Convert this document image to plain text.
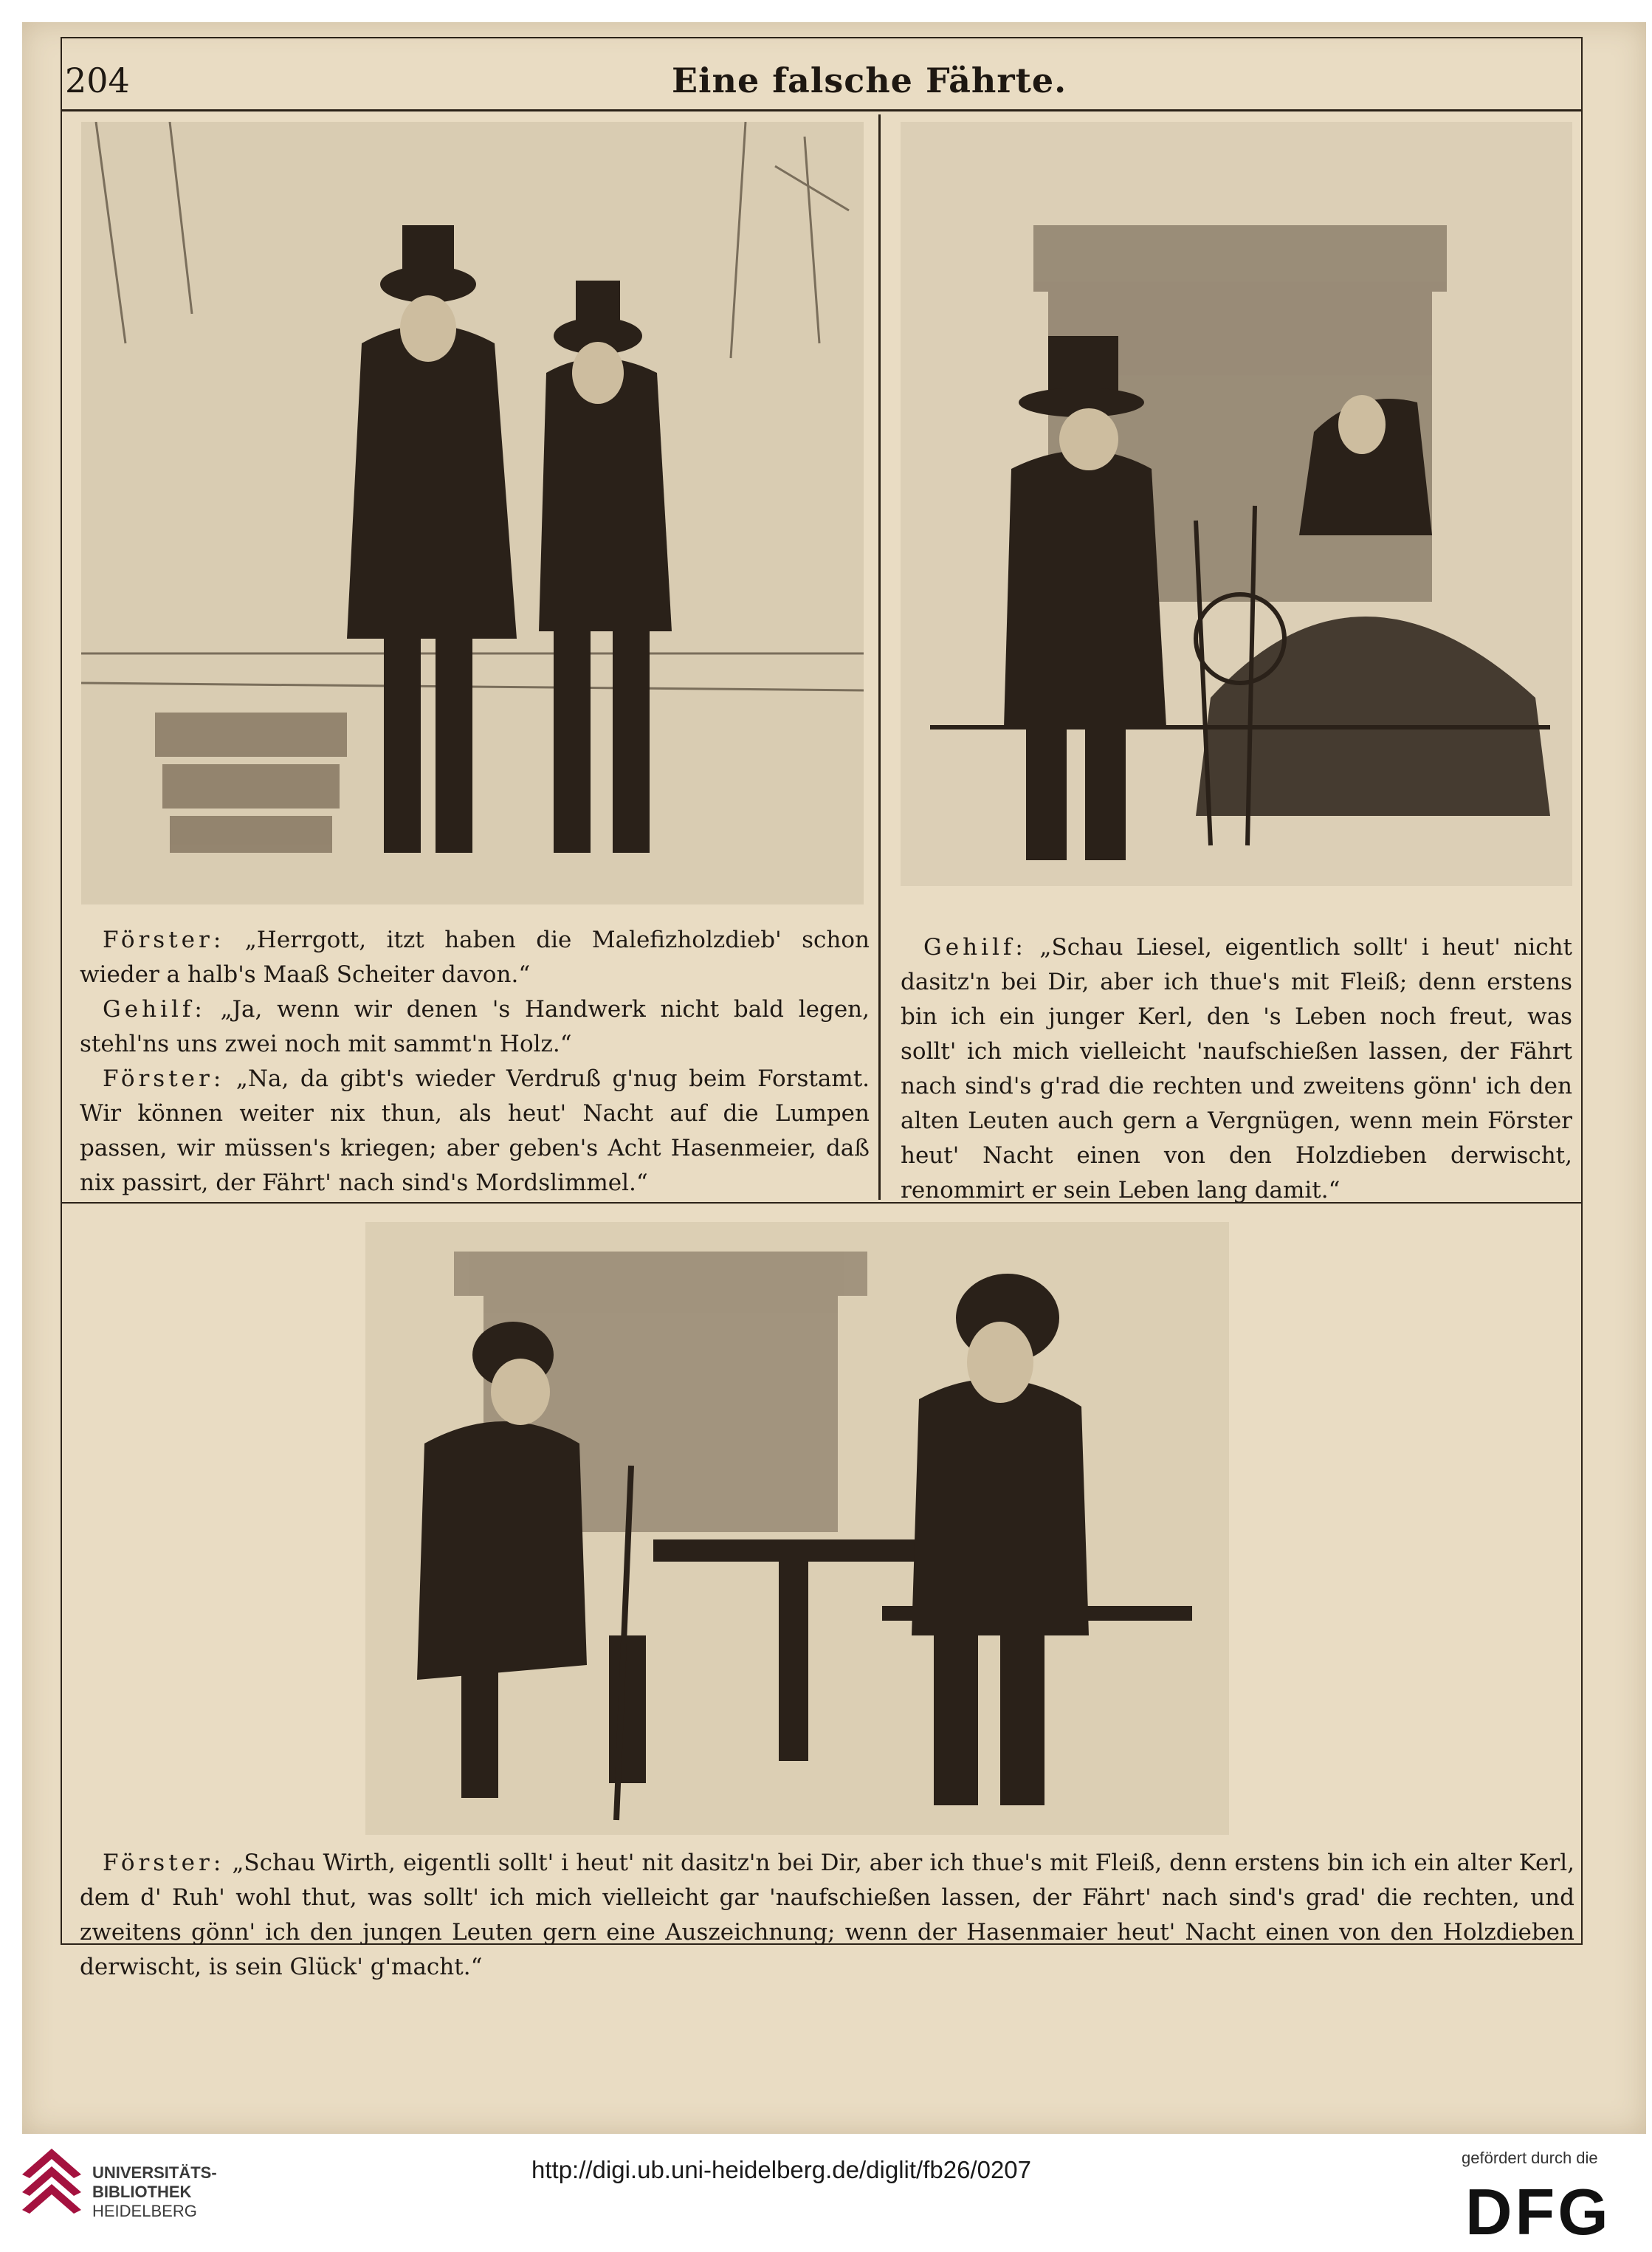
204	Eine falsche Fährte.

 Förster: „Herrgott, itzt haben die Malefizholzdieb' schon wieder a halb's Maaß Scheiter davon.“

 Gehilf: „Ja, wenn wir denen 's Handwerk nicht bald legen, stehl'ns uns zwei noch mit sammt'n Holz.“

 Förster: „Na, da gibt's wieder Verdruß g'nug beim Forstamt. Wir können weiter nix thun, als heut' Nacht auf die Lumpen passen, wir müssen's kriegen; aber geben's Acht Hasenmeier, daß nix passirt, der Fährt' nach sind's Mordslimmel.“

 Gehilf: „Schau Liesel, eigentlich sollt' i heut' nicht dasitz'n bei Dir, aber ich thue's mit Fleiß; denn erstens bin ich ein junger Kerl, den 's Leben noch freut, was sollt' ich mich vielleicht 'naufschießen lassen, der Fährt nach sind's g'rad die rechten und zweitens gönn' ich den alten Leuten auch gern a Vergnügen, wenn mein Förster heut' Nacht einen von den Holzdieben derwischt, renommirt er sein Leben lang damit.“

 Förster: „Schau Wirth, eigentli sollt' i heut' nit dasitz'n bei Dir, aber ich thue's mit Fleiß, denn erstens bin ich ein alter Kerl, dem d' Ruh' wohl thut, was sollt' ich mich vielleicht gar 'naufschießen lassen, der Fährt' nach sind's grad' die rechten, und zweitens gönn' ich den jungen Leuten gern eine Auszeichnung; wenn der Hasenmaier heut' Nacht einen von den Holzdieben derwischt, is sein Glück' g'macht.“

UNIVERSITÄTS-
BIBLIOTHEK
HEIDELBERG
http://digi.ub.uni-heidelberg.de/diglit/fb26/0207	gefördert durch die
DFG
